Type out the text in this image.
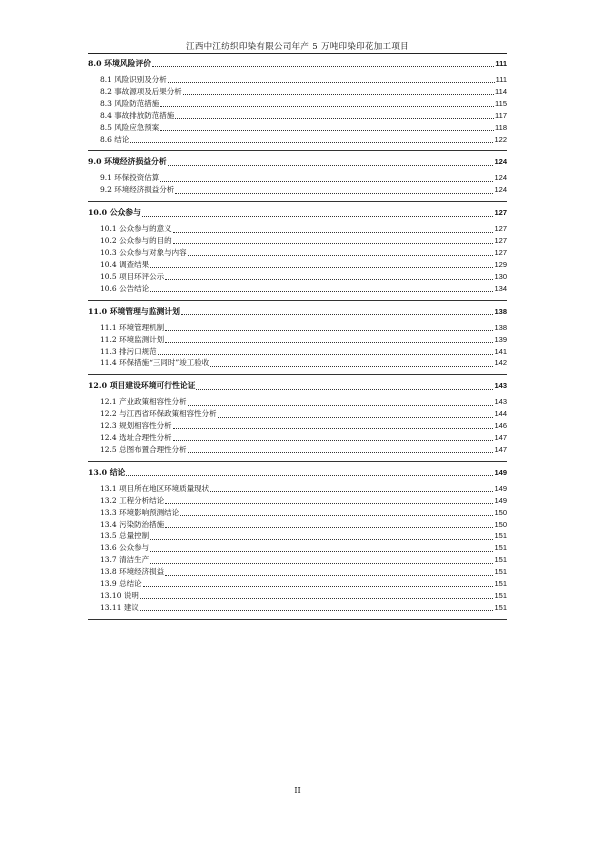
江西中江纺织印染有限公司年产 5 万吨印染印花加工项目
8.0 环境风险评价	111
8.1 风险识别及分析	111
8.2 事故源项及后果分析	114
8.3 风险防范措施	115
8.4 事故排放防范措施	117
8.5 风险应急预案	118
8.6 结论	122
9.0 环境经济损益分析	124
9.1 环保投资估算	124
9.2 环境经济损益分析	124
10.0 公众参与	127
10.1 公众参与的意义	127
10.2 公众参与的目的	127
10.3 公众参与对象与内容	127
10.4 调查结果	129
10.5 项目环评公示	130
10.6 公告结论	134
11.0 环境管理与监测计划	138
11.1 环境管理机制	138
11.2 环境监测计划	139
11.3 排污口规范	141
11.4 环保措施“三同时”竣工验收	142
12.0 项目建设环境可行性论证	143
12.1 产业政策相容性分析	143
12.2 与江西省环保政策相容性分析	144
12.3 规划相容性分析	146
12.4 选址合理性分析	147
12.5 总图布置合理性分析	147
13.0 结论	149
13.1 项目所在地区环境质量现状	149
13.2 工程分析结论	149
13.3 环境影响预测结论	150
13.4 污染防治措施	150
13.5 总量控制	151
13.6 公众参与	151
13.7 清洁生产	151
13.8 环境经济损益	151
13.9 总结论	151
13.10 说明	151
13.11 建议	151
II
